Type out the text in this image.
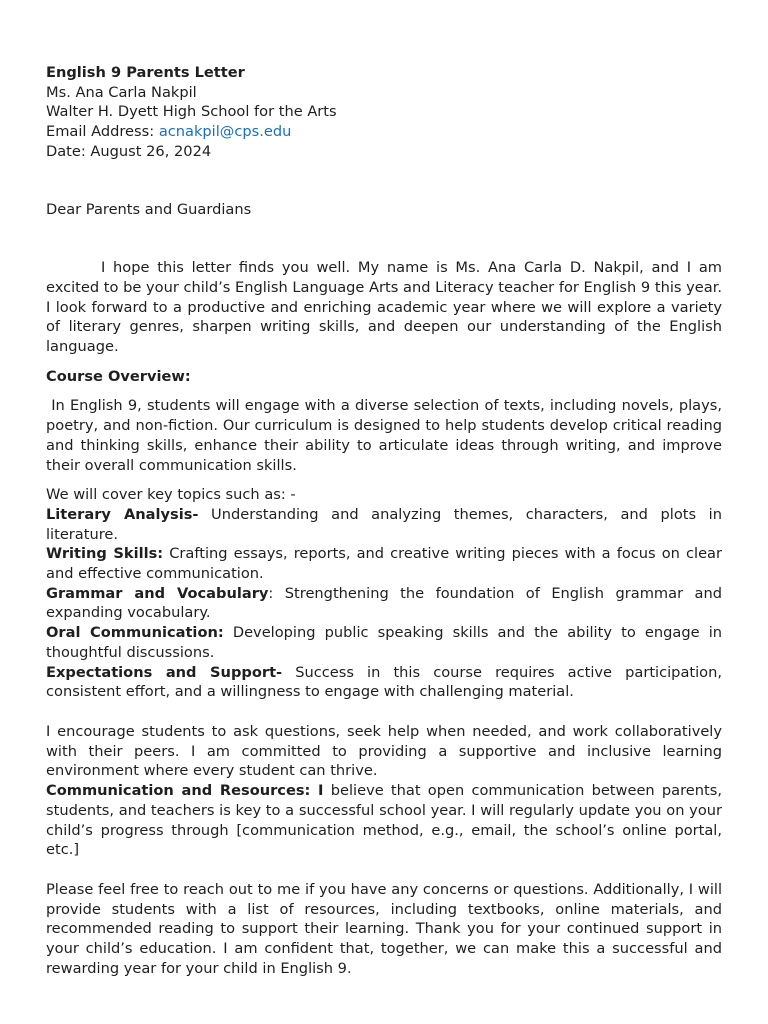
English 9 Parents Letter

Ms. Ana Carla Nakpil

Walter H. Dyett High School for the Arts

Email Address: acnakpil@cps.edu

Date: August 26, 2024

Dear Parents and Guardians

I hope this letter finds you well. My name is Ms. Ana Carla D. Nakpil, and I am excited to be your child’s English Language Arts and Literacy teacher for English 9 this year. I look forward to a productive and enriching academic year where we will explore a variety of literary genres, sharpen writing skills, and deepen our understanding of the English language.

Course Overview:

In English 9, students will engage with a diverse selection of texts, including novels, plays, poetry, and non-fiction. Our curriculum is designed to help students develop critical reading and thinking skills, enhance their ability to articulate ideas through writing, and improve their overall communication skills.

We will cover key topics such as: -

Literary Analysis- Understanding and analyzing themes, characters, and plots in literature.

Writing Skills: Crafting essays, reports, and creative writing pieces with a focus on clear and effective communication.

Grammar and Vocabulary: Strengthening the foundation of English grammar and expanding vocabulary.

Oral Communication: Developing public speaking skills and the ability to engage in thoughtful discussions.

Expectations and Support- Success in this course requires active participation, consistent effort, and a willingness to engage with challenging material.

I encourage students to ask questions, seek help when needed, and work collaboratively with their peers. I am committed to providing a supportive and inclusive learning environment where every student can thrive.

Communication and Resources: I believe that open communication between parents, students, and teachers is key to a successful school year. I will regularly update you on your child’s progress through [communication method, e.g., email, the school’s online portal, etc.]

Please feel free to reach out to me if you have any concerns or questions. Additionally, I will provide students with a list of resources, including textbooks, online materials, and recommended reading to support their learning. Thank you for your continued support in your child’s education. I am confident that, together, we can make this a successful and rewarding year for your child in English 9.
